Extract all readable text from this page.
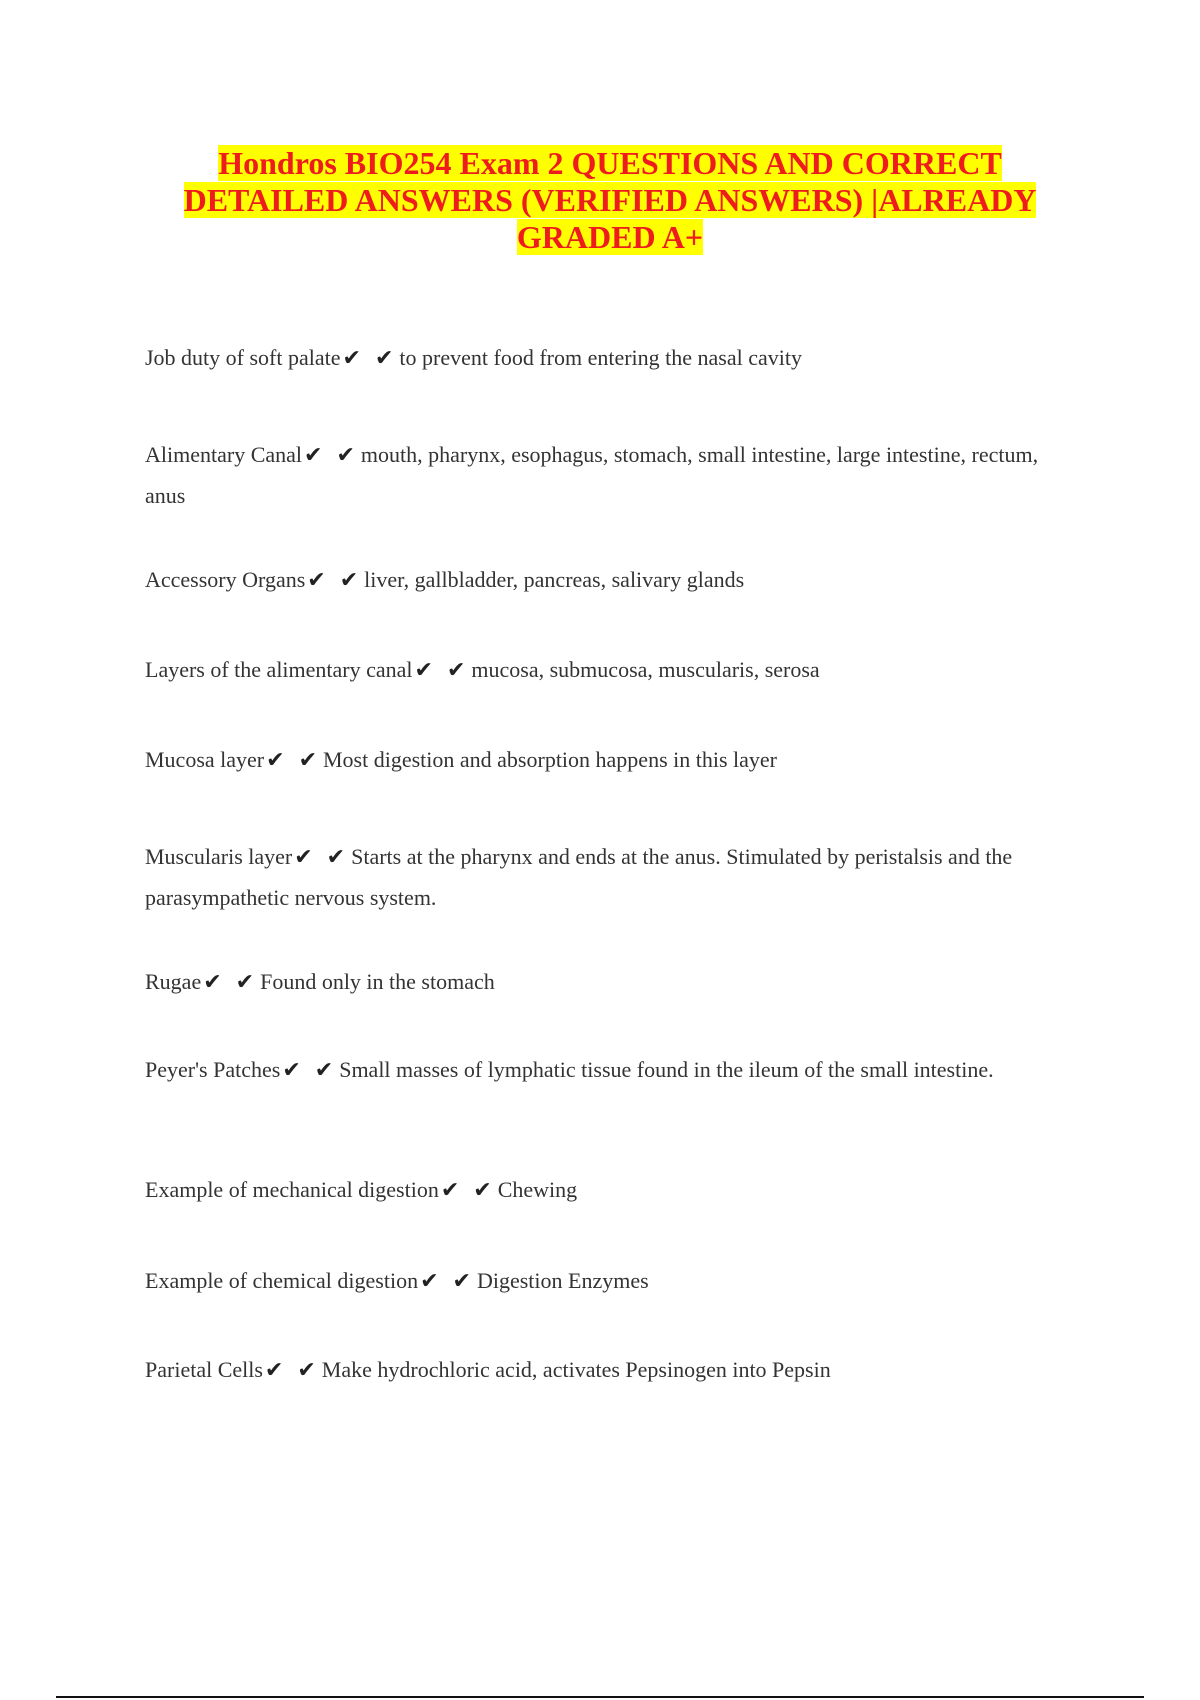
Hondros BIO254 Exam 2 QUESTIONS AND CORRECT DETAILED ANSWERS (VERIFIED ANSWERS) |ALREADY GRADED A+

Job duty of soft palate✔ ✔ to prevent food from entering the nasal cavity

Alimentary Canal✔ ✔ mouth, pharynx, esophagus, stomach, small intestine, large intestine, rectum, anus

Accessory Organs✔ ✔ liver, gallbladder, pancreas, salivary glands

Layers of the alimentary canal✔ ✔ mucosa, submucosa, muscularis, serosa

Mucosa layer✔ ✔ Most digestion and absorption happens in this layer

Muscularis layer✔ ✔ Starts at the pharynx and ends at the anus. Stimulated by peristalsis and the parasympathetic nervous system.

Rugae✔ ✔ Found only in the stomach

Peyer's Patches✔ ✔ Small masses of lymphatic tissue found in the ileum of the small intestine.

Example of mechanical digestion✔ ✔ Chewing

Example of chemical digestion✔ ✔ Digestion Enzymes

Parietal Cells✔ ✔ Make hydrochloric acid, activates Pepsinogen into Pepsin
